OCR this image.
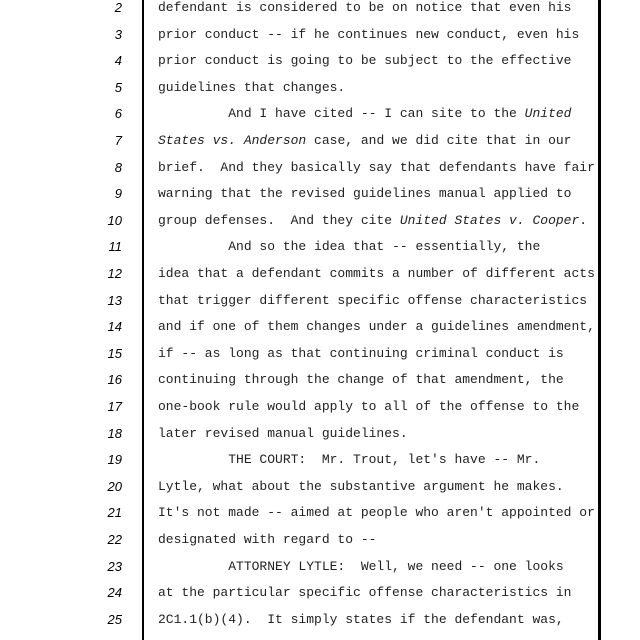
2	defendant is considered to be on notice that even his
3	prior conduct -- if he continues new conduct, even his
4	prior conduct is going to be subject to the effective
5	guidelines that changes.
6	And I have cited -- I can site to the United
7	States vs. Anderson case, and we did cite that in our
8	brief.  And they basically say that defendants have fair
9	warning that the revised guidelines manual applied to
10	group defenses.  And they cite United States v. Cooper.
11	And so the idea that -- essentially, the
12	idea that a defendant commits a number of different acts
13	that trigger different specific offense characteristics
14	and if one of them changes under a guidelines amendment,
15	if -- as long as that continuing criminal conduct is
16	continuing through the change of that amendment, the
17	one-book rule would apply to all of the offense to the
18	later revised manual guidelines.
19	THE COURT:  Mr. Trout, let's have -- Mr.
20	Lytle, what about the substantive argument he makes.
21	It's not made -- aimed at people who aren't appointed or
22	designated with regard to --
23	ATTORNEY LYTLE:  Well, we need -- one looks
24	at the particular specific offense characteristics in
25	2C1.1(b)(4).  It simply states if the defendant was,
